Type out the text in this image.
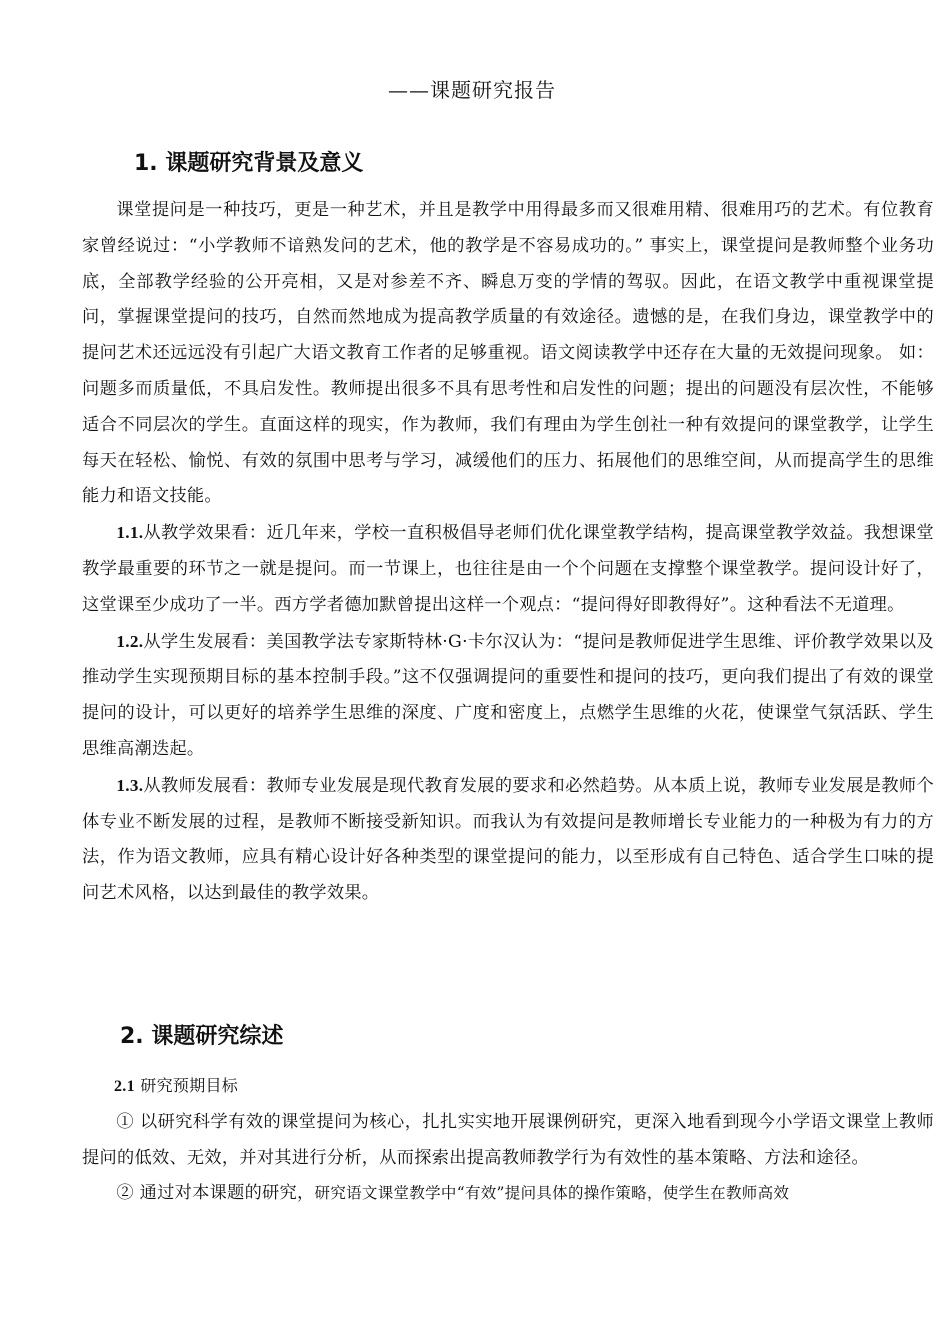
——课题研究报告
1. 课题研究背景及意义

课堂提问是一种技巧，更是一种艺术，并且是教学中用得最多而又很难用精、很难用巧的艺术。有位教育家曾经说过：“小学教师不谙熟发问的艺术，他的教学是不容易成功的。” 事实上，课堂提问是教师整个业务功底，全部教学经验的公开亮相，又是对参差不齐、瞬息万变的学情的驾驭。因此，在语文教学中重视课堂提问，掌握课堂提问的技巧，自然而然地成为提高教学质量的有效途径。遗憾的是，在我们身边，课堂教学中的提问艺术还远远没有引起广大语文教育工作者的足够重视。语文阅读教学中还存在大量的无效提问现象。 如：问题多而质量低，不具启发性。教师提出很多不具有思考性和启发性的问题；提出的问题没有层次性，不能够适合不同层次的学生。直面这样的现实，作为教师，我们有理由为学生创社一种有效提问的课堂教学，让学生每天在轻松、愉悦、有效的氛围中思考与学习，减缓他们的压力、拓展他们的思维空间，从而提高学生的思维能力和语文技能。

1.1.从教学效果看：近几年来，学校一直积极倡导老师们优化课堂教学结构，提高课堂教学效益。我想课堂教学最重要的环节之一就是提问。而一节课上，也往往是由一个个问题在支撑整个课堂教学。提问设计好了，这堂课至少成功了一半。西方学者德加默曾提出这样一个观点：“提问得好即教得好”。这种看法不无道理。

1.2.从学生发展看：美国教学法专家斯特林·G·卡尔汉认为：“提问是教师促进学生思维、评价教学效果以及推动学生实现预期目标的基本控制手段。”这不仅强调提问的重要性和提问的技巧，更向我们提出了有效的课堂提问的设计，可以更好的培养学生思维的深度、广度和密度上，点燃学生思维的火花，使课堂气氛活跃、学生思维高潮迭起。

1.3.从教师发展看：教师专业发展是现代教育发展的要求和必然趋势。从本质上说，教师专业发展是教师个体专业不断发展的过程，是教师不断接受新知识。而我认为有效提问是教师增长专业能力的一种极为有力的方法，作为语文教师，应具有精心设计好各种类型的课堂提问的能力，以至形成有自己特色、适合学生口味的提问艺术风格，以达到最佳的教学效果。

2. 课题研究综述

2.1 研究预期目标

① 以研究科学有效的课堂提问为核心，扎扎实实地开展课例研究，更深入地看到现今小学语文课堂上教师提问的低效、无效，并对其进行分析，从而探索出提高教师教学行为有效性的基本策略、方法和途径。

② 通过对本课题的研究，研究语文课堂教学中“有效”提问具体的操作策略，使学生在教师高效
